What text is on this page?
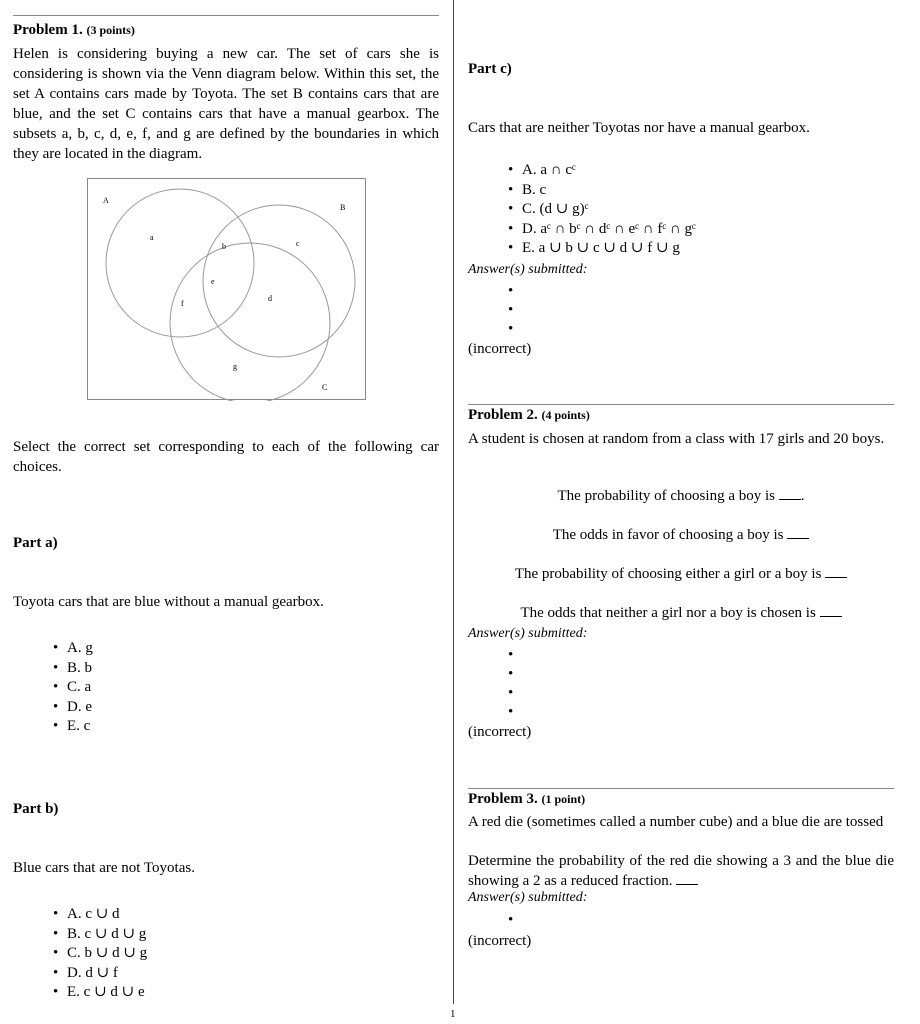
Problem 1. (3 points)
Helen is considering buying a new car. The set of cars she is considering is shown via the Venn diagram below. Within this set, the set A contains cars made by Toyota. The set B contains cars that are blue, and the set C contains cars that have a manual gearbox. The subsets a, b, c, d, e, f, and g are defined by the boundaries in which they are located in the diagram.
A
B
C
a
b	c
d
e
f
g
Select the correct set corresponding to each of the following car choices.
Part a)
Toyota cars that are blue without a manual gearbox.
• A. g
• B. b
• C. a
• D. e
• E. c
Part b)
Blue cars that are not Toyotas.
• A. c ∪ d
• B. c ∪ d ∪ g
• C. b ∪ d ∪ g
• D. d ∪ f
• E. c ∪ d ∪ e
Part c)
Cars that are neither Toyotas nor have a manual gearbox.
• A. a ∩ cᶜ
• B. c
• C. (d ∪ g)ᶜ
• D. aᶜ ∩ bᶜ ∩ dᶜ ∩ eᶜ ∩ fᶜ ∩ gᶜ
• E. a ∪ b ∪ c ∪ d ∪ f ∪ g
Answer(s) submitted:
•
•
•
(incorrect)
Problem 2. (4 points)
A student is chosen at random from a class with 17 girls and 20 boys.
The probability of choosing a boy is .
The odds in favor of choosing a boy is
The probability of choosing either a girl or a boy is
The odds that neither a girl nor a boy is chosen is
Answer(s) submitted:
•
•
•
•
(incorrect)
Problem 3. (1 point)
A red die (sometimes called a number cube) and a blue die are tossed
Determine the probability of the red die showing a 3 and the blue die showing a 2 as a reduced fraction.
Answer(s) submitted:
•
(incorrect)
1
